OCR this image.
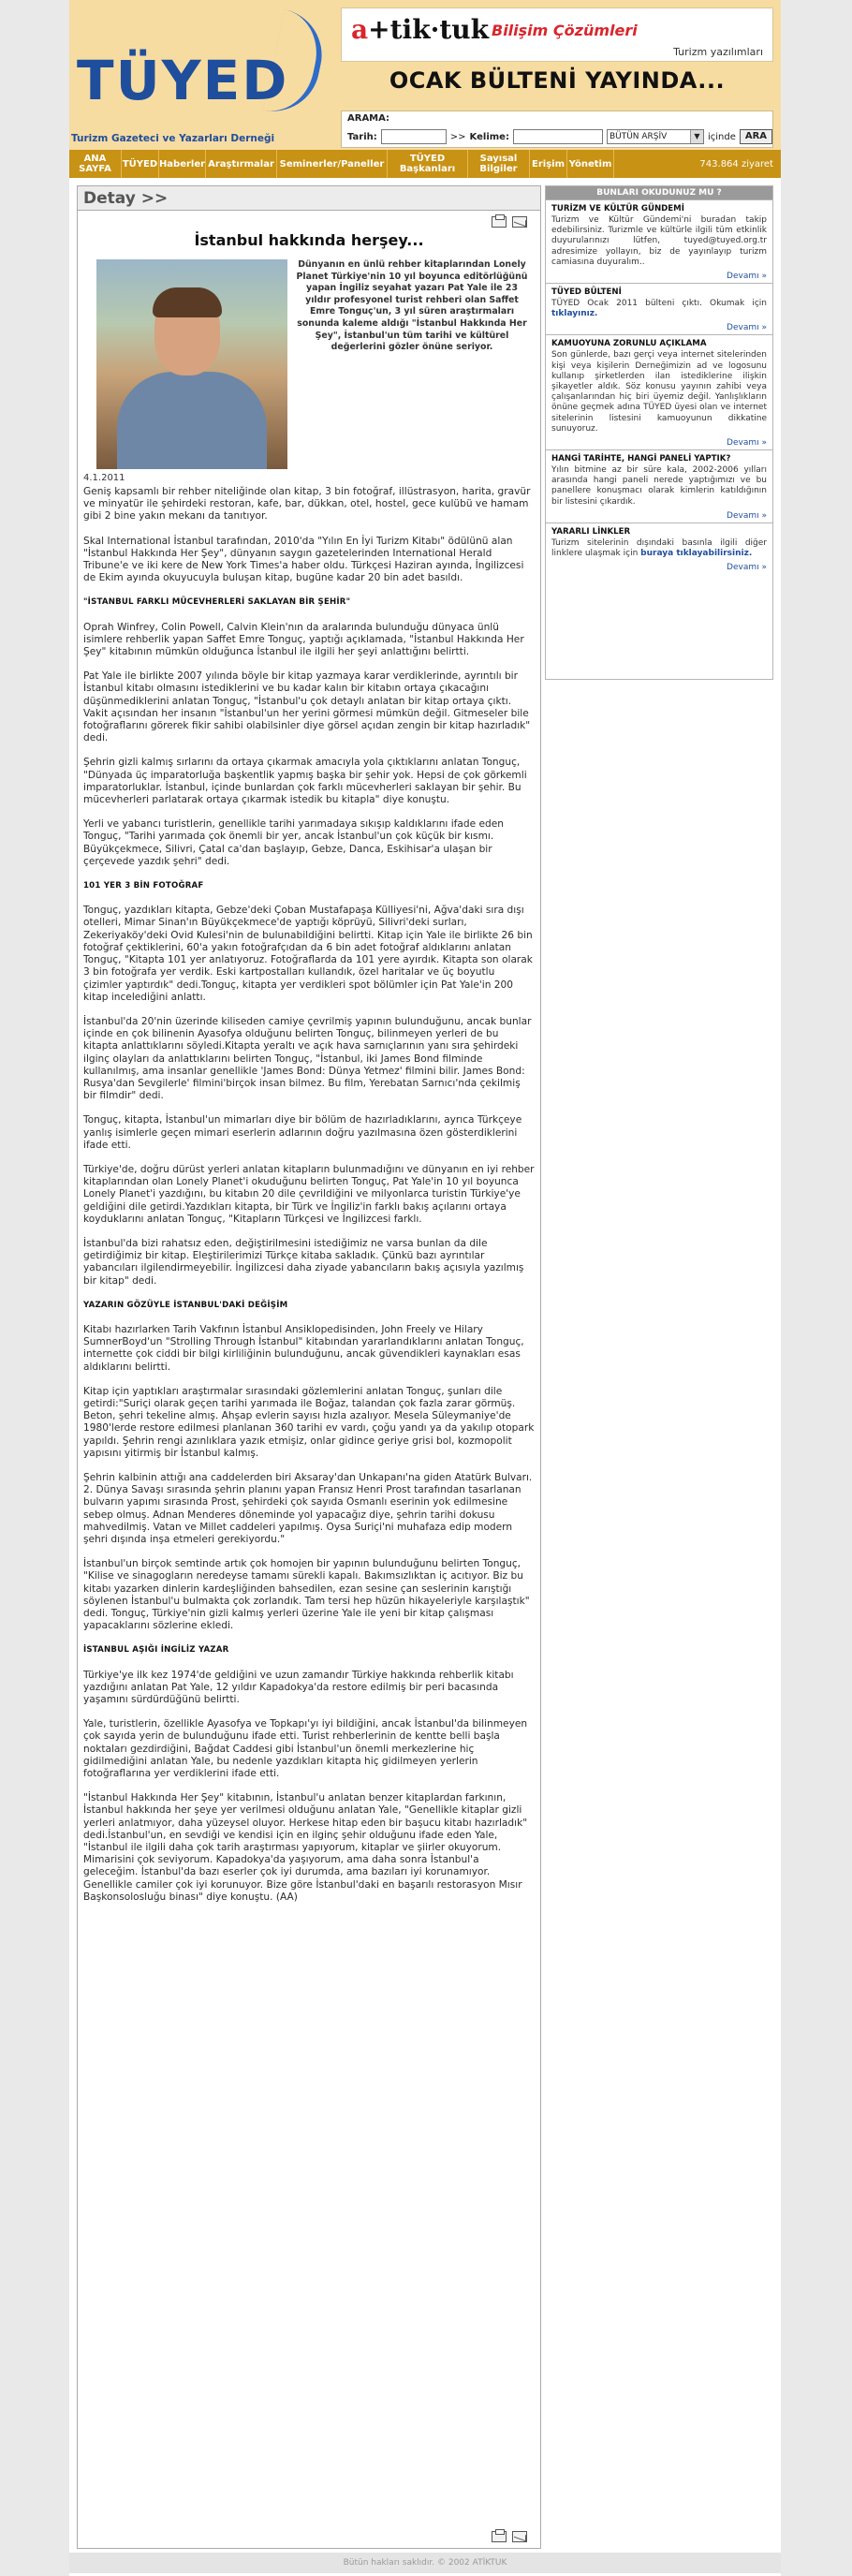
TÜYED
Turizm Gazeteci ve Yazarları Derneği
a+tik·tuk Bilişim Çözümleri
Turizm yazılımları
OCAK BÜLTENİ YAYINDA...
ARAMA:
Tarih:	>> Kelime:	BÜTÜN ARŞİV	▼ içinde	ARA
ANA SAYFA	TÜYED Haberler Araştırmalar Seminerler/Paneller	TÜYED Başkanları
Sayısal Bilgiler	Erişim Yönetim	743.864 ziyaret
Detay >>
İstanbul hakkında herşey...
Dünyanın en ünlü rehber kitaplarından Lonely Planet Türkiye'nin 10 yıl boyunca editörlüğünü yapan İngiliz seyahat yazarı Pat Yale ile 23 yıldır profesyonel turist rehberi olan Saffet Emre Tonguç'un, 3 yıl süren araştırmaları sonunda kaleme aldığı "İstanbul Hakkında Her Şey", İstanbul'un tüm tarihi ve kültürel değerlerini gözler önüne seriyor.
4.1.2011

Geniş kapsamlı bir rehber niteliğinde olan kitap, 3 bin fotoğraf, illüstrasyon, harita, gravür ve minyatür ile şehirdeki restoran, kafe, bar, dükkan, otel, hostel, gece kulübü ve hamam gibi 2 bine yakın mekanı da tanıtıyor.

Skal International İstanbul tarafından, 2010'da "Yılın En İyi Turizm Kitabı" ödülünü alan "İstanbul Hakkında Her Şey", dünyanın saygın gazetelerinden International Herald Tribune'e ve iki kere de New York Times'a haber oldu. Türkçesi Haziran ayında, İngilizcesi de Ekim ayında okuyucuyla buluşan kitap, bugüne kadar 20 bin adet basıldı.

"İSTANBUL FARKLI MÜCEVHERLERİ SAKLAYAN BİR ŞEHİR"

Oprah Winfrey, Colin Powell, Calvin Klein'nın da aralarında bulunduğu dünyaca ünlü isimlere rehberlik yapan Saffet Emre Tonguç, yaptığı açıklamada, "İstanbul Hakkında Her Şey" kitabının mümkün olduğunca İstanbul ile ilgili her şeyi anlattığını belirtti.

Pat Yale ile birlikte 2007 yılında böyle bir kitap yazmaya karar verdiklerinde, ayrıntılı bir İstanbul kitabı olmasını istediklerini ve bu kadar kalın bir kitabın ortaya çıkacağını düşünmediklerini anlatan Tonguç, "İstanbul'u çok detaylı anlatan bir kitap ortaya çıktı. Vakit açısından her insanın "İstanbul'un her yerini görmesi mümkün değil. Gitmeseler bile fotoğraflarını görerek fikir sahibi olabilsinler diye görsel açıdan zengin bir kitap hazırladık" dedi.

Şehrin gizli kalmış sırlarını da ortaya çıkarmak amacıyla yola çıktıklarını anlatan Tonguç, "Dünyada üç imparatorluğa başkentlik yapmış başka bir şehir yok. Hepsi de çok görkemli imparatorluklar. İstanbul, içinde bunlardan çok farklı mücevherleri saklayan bir şehir. Bu mücevherleri parlatarak ortaya çıkarmak istedik bu kitapla" diye konuştu.

Yerli ve yabancı turistlerin, genellikle tarihi yarımadaya sıkışıp kaldıklarını ifade eden Tonguç, "Tarihi yarımada çok önemli bir yer, ancak İstanbul'un çok küçük bir kısmı. Büyükçekmece, Silivri, Çatal ca'dan başlayıp, Gebze, Danca, Eskihisar'a ulaşan bir çerçevede yazdık şehri" dedi.

101 YER 3 BİN FOTOĞRAF

Tonguç, yazdıkları kitapta, Gebze'deki Çoban Mustafapaşa Külliyesi'ni, Ağva'daki sıra dışı otelleri, Mimar Sinan'ın Büyükçekmece'de yaptığı köprüyü, Silivri'deki surları, Zekeriyaköy'deki Ovid Kulesi'nin de bulunabildiğini belirtti. Kitap için Yale ile birlikte 26 bin fotoğraf çektiklerini, 60'a yakın fotoğrafçıdan da 6 bin adet fotoğraf aldıklarını anlatan Tonguç, "Kitapta 101 yer anlatıyoruz. Fotoğraflarda da 101 yere ayırdık. Kitapta son olarak 3 bin fotoğrafa yer verdik. Eski kartpostalları kullandık, özel haritalar ve üç boyutlu çizimler yaptırdık" dedi.Tonguç, kitapta yer verdikleri spot bölümler için Pat Yale'in 200 kitap incelediğini anlattı.

İstanbul'da 20'nin üzerinde kiliseden camiye çevrilmiş yapının bulunduğunu, ancak bunlar içinde en çok bilinenin Ayasofya olduğunu belirten Tonguç, bilinmeyen yerleri de bu kitapta anlattıklarını söyledi.Kitapta yeraltı ve açık hava sarnıçlarının yanı sıra şehirdeki ilginç olayları da anlattıklarını belirten Tonguç, "İstanbul, iki James Bond filminde kullanılmış, ama insanlar genellikle 'James Bond: Dünya Yetmez' filmini bilir. James Bond: Rusya'dan Sevgilerle' filmini'birçok insan bilmez. Bu film, Yerebatan Sarnıcı'nda çekilmiş bir filmdir" dedi.

Tonguç, kitapta, İstanbul'un mimarları diye bir bölüm de hazırladıklarını, ayrıca Türkçeye yanlış isimlerle geçen mimari eserlerin adlarının doğru yazılmasına özen gösterdiklerini ifade etti.

Türkiye'de, doğru dürüst yerleri anlatan kitapların bulunmadığını ve dünyanın en iyi rehber kitaplarından olan Lonely Planet'i okuduğunu belirten Tonguç, Pat Yale'in 10 yıl boyunca Lonely Planet'i yazdığını, bu kitabın 20 dile çevrildiğini ve milyonlarca turistin Türkiye'ye geldiğini dile getirdi.Yazdıkları kitapta, bir Türk ve İngiliz'in farklı bakış açılarını ortaya koyduklarını anlatan Tonguç, "Kitapların Türkçesi ve İngilizcesi farklı.

İstanbul'da bizi rahatsız eden, değiştirilmesini istediğimiz ne varsa bunlan da dile getirdiğimiz bir kitap. Eleştirilerimizi Türkçe kitaba sakladık. Çünkü bazı ayrıntılar yabancıları ilgilendirmeyebilir. İngilizcesi daha ziyade yabancıların bakış açısıyla yazılmış bir kitap" dedi.

YAZARIN GÖZÜYLE İSTANBUL'DAKİ DEĞİŞİM

Kitabı hazırlarken Tarih Vakfının İstanbul Ansiklopedisinden, John Freely ve Hilary SumnerBoyd'un "Strolling Through İstanbul" kitabından yararlandıklarını anlatan Tonguç, internette çok ciddi bir bilgi kirliliğinin bulunduğunu, ancak güvendikleri kaynakları esas aldıklarını belirtti.

Kitap için yaptıkları araştırmalar sırasındaki gözlemlerini anlatan Tonguç, şunları dile getirdi:"Suriçi olarak geçen tarihi yarımada ile Boğaz, talandan çok fazla zarar görmüş. Beton, şehri tekeline almış. Ahşap evlerin sayısı hızla azalıyor. Mesela Süleymaniye'de 1980'lerde restore edilmesi planlanan 360 tarihi ev vardı, çoğu yandı ya da yakılıp otopark yapıldı. Şehrin rengi azınlıklara yazık etmişiz, onlar gidince geriye grisi bol, kozmopolit yapısını yitirmiş bir İstanbul kalmış.

Şehrin kalbinin attığı ana caddelerden biri Aksaray'dan Unkapanı'na giden Atatürk Bulvarı. 2. Dünya Savaşı sırasında şehrin planını yapan Fransız Henri Prost tarafından tasarlanan bulvarın yapımı sırasında Prost, şehirdeki çok sayıda Osmanlı eserinin yok edilmesine sebep olmuş. Adnan Menderes döneminde yol yapacağız diye, şehrin tarihi dokusu mahvedilmiş. Vatan ve Millet caddeleri yapılmış. Oysa Suriçi'ni muhafaza edip modern şehri dışında inşa etmeleri gerekiyordu."

İstanbul'un birçok semtinde artık çok homojen bir yapının bulunduğunu belirten Tonguç, "Kilise ve sinagogların neredeyse tamamı sürekli kapalı. Bakımsızlıktan iç acıtıyor. Biz bu kitabı yazarken dinlerin kardeşliğinden bahsedilen, ezan sesine çan seslerinin karıştığı söylenen İstanbul'u bulmakta çok zorlandık. Tam tersi hep hüzün hikayeleriyle karşılaştık" dedi. Tonguç, Türkiye'nin gizli kalmış yerleri üzerine Yale ile yeni bir kitap çalışması yapacaklarını sözlerine ekledi.

İSTANBUL AŞIĞI İNGİLİZ YAZAR

Türkiye'ye ilk kez 1974'de geldiğini ve uzun zamandır Türkiye hakkında rehberlik kitabı yazdığını anlatan Pat Yale, 12 yıldır Kapadokya'da restore edilmiş bir peri bacasında yaşamını sürdürdüğünü belirtti.

Yale, turistlerin, özellikle Ayasofya ve Topkapı'yı iyi bildiğini, ancak İstanbul'da bilinmeyen çok sayıda yerin de bulunduğunu ifade etti. Turist rehberlerinin de kentte belli başla noktaları gezdirdiğini, Bağdat Caddesi gibi İstanbul'un önemli merkezlerine hiç gidilmediğini anlatan Yale, bu nedenle yazdıkları kitapta hiç gidilmeyen yerlerin fotoğraflarına yer verdiklerini ifade etti.

"İstanbul Hakkında Her Şey" kitabının, İstanbul'u anlatan benzer kitaplardan farkının, İstanbul hakkında her şeye yer verilmesi olduğunu anlatan Yale, "Genellikle kitaplar gizli yerleri anlatmıyor, daha yüzeysel oluyor. Herkese hitap eden bir başucu kitabı hazırladık" dedi.İstanbul'un, en sevdiği ve kendisi için en ilginç şehir olduğunu ifade eden Yale, "İstanbul ile ilgili daha çok tarih araştırması yapıyorum, kitaplar ve şiirler okuyorum. Mimarisini çok seviyorum. Kapadokya'da yaşıyorum, ama daha sonra İstanbul'a geleceğim. İstanbul'da bazı eserler çok iyi durumda, ama bazıları iyi korunamıyor. Genellikle camiler çok iyi korunuyor. Bize göre İstanbul'daki en başarılı restorasyon Mısır Başkonsolosluğu binası" diye konuştu. (AA)

BUNLARI OKUDUNUZ MU ?
TURİZM VE KÜLTÜR GÜNDEMİ
Turizm ve Kültür Gündemi'ni buradan takip edebilirsiniz. Turizmle ve kültürle ilgili tüm etkinlik duyurularınızı lütfen, tuyed@tuyed.org.tr adresimize yollayın, biz de yayınlayıp turizm camiasına duyuralım..
Devamı »
TÜYED BÜLTENİ
TÜYED Ocak 2011 bülteni çıktı. Okumak için tıklayınız.
Devamı »
KAMUOYUNA ZORUNLU AÇIKLAMA
Son günlerde, bazı gerçi veya internet sitelerinden kişi veya kişilerin Derneğimizin ad ve logosunu kullanıp şirketlerden ilan istediklerine ilişkin şikayetler aldık. Söz konusu yayının zahibi veya çalışanlarından hiç biri üyemiz değil. Yanlışlıkların önüne geçmek adına TÜYED üyesi olan ve internet sitelerinin listesini kamuoyunun dikkatine sunuyoruz.
Devamı »
HANGİ TARİHTE, HANGİ PANELİ YAPTIK?
Yılın bitmine az bir süre kala, 2002-2006 yılları arasında hangi paneli nerede yaptığımızı ve bu panellere konuşmacı olarak kimlerin katıldığının bir listesini çıkardık.
Devamı »
YARARLI LİNKLER
Turizm sitelerinin dışındaki basınla ilgili diğer linklere ulaşmak için buraya tıklayabilirsiniz.
Devamı »
Bütün hakları saklıdır. © 2002 ATİKTUK
